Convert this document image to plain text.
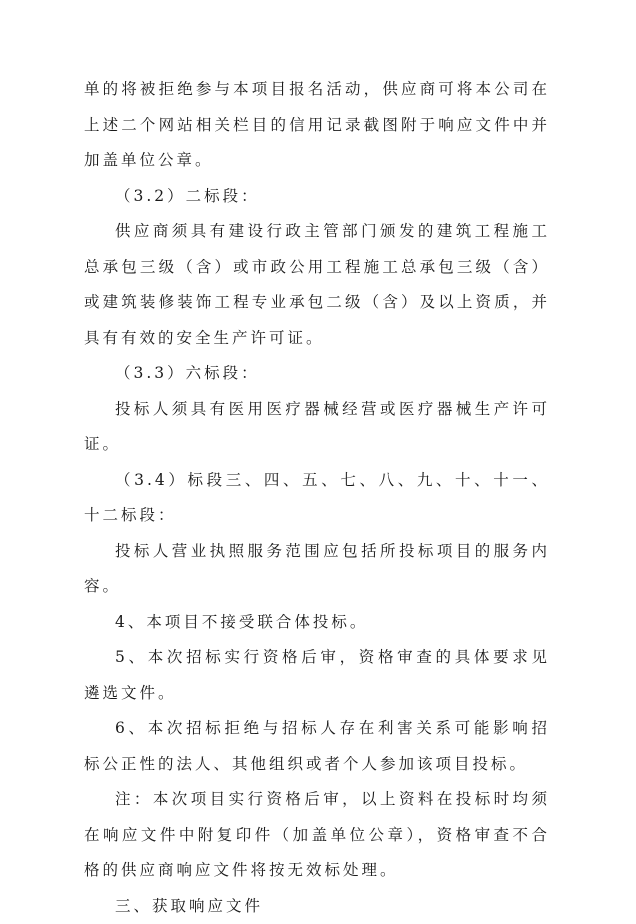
单的将被拒绝参与本项目报名活动，供应商可将本公司在上述二个网站相关栏目的信用记录截图附于响应文件中并加盖单位公章。

（3.2）二标段：

供应商须具有建设行政主管部门颁发的建筑工程施工总承包三级（含）或市政公用工程施工总承包三级（含）或建筑装修装饰工程专业承包二级（含）及以上资质，并具有有效的安全生产许可证。

（3.3）六标段：

投标人须具有医用医疗器械经营或医疗器械生产许可证。

（3.4）标段三、四、五、七、八、九、十、十一、十二标段：

投标人营业执照服务范围应包括所投标项目的服务内容。

4、本项目不接受联合体投标。

5、本次招标实行资格后审，资格审查的具体要求见遴选文件。

6、本次招标拒绝与招标人存在利害关系可能影响招标公正性的法人、其他组织或者个人参加该项目投标。

注：本次项目实行资格后审，以上资料在投标时均须在响应文件中附复印件（加盖单位公章），资格审查不合格的供应商响应文件将按无效标处理。

三、获取响应文件
